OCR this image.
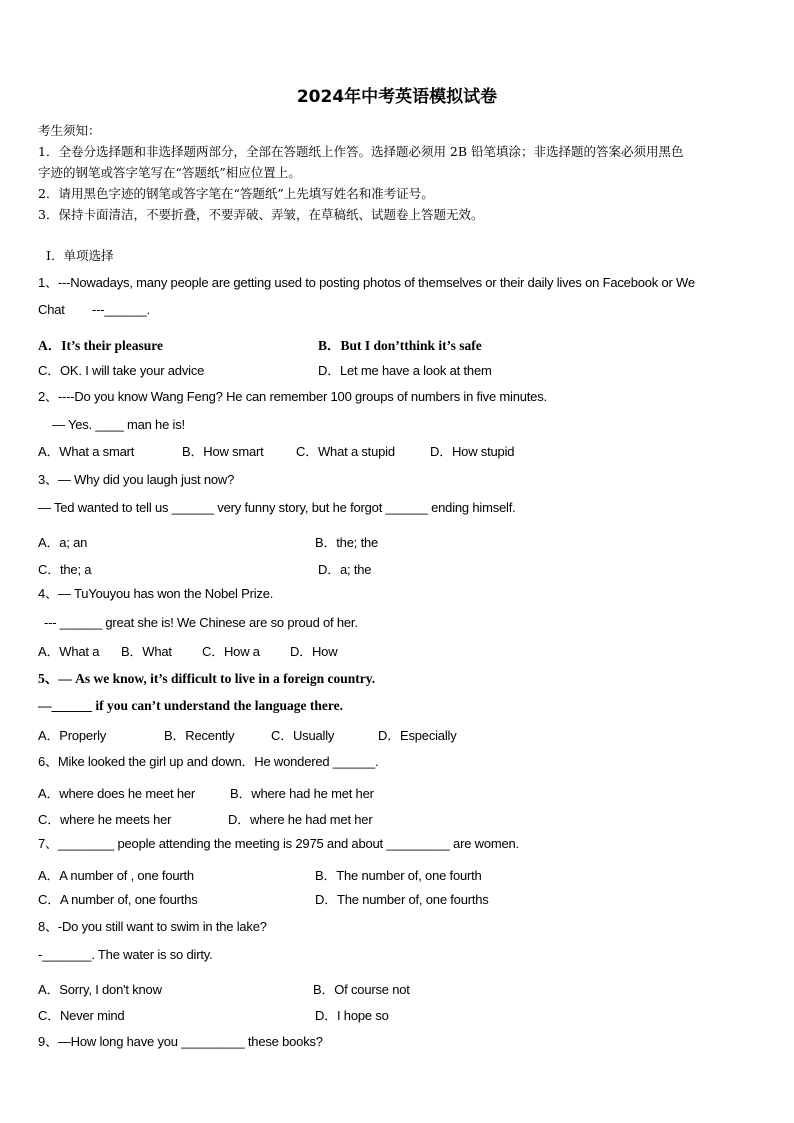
2024年中考英语模拟试卷
考生须知：
1．全卷分选择题和非选择题两部分，全部在答题纸上作答。选择题必须用 2B 铅笔填涂；非选择题的答案必须用黑色
字迹的钢笔或答字笔写在“答题纸”相应位置上。
2．请用黑色字迹的钢笔或答字笔在“答题纸”上先填写姓名和准考证号。
3．保持卡面清洁，不要折叠，不要弄破、弄皱，在草稿纸、试题卷上答题无效。
Ⅰ．单项选择
1、---Nowadays, many people are getting used to posting photos of themselves or their daily lives on Facebook or We
Chat        ---______.
A．It’s their pleasure	B．But I don’tthink it’s safe
C．OK. I will take your advice	D．Let me have a look at them
2、----Do you know Wang Feng? He can remember 100 groups of numbers in five minutes.
— Yes. ____ man he is!
A．What a smart	B．How smart C．What a stupid	D．How stupid
3、— Why did you laugh just now?
— Ted wanted to tell us ______ very funny story, but he forgot ______ ending himself.
A．a; an	B．the; the
C．the; a	D．a; the
4、— TuYouyou has won the Nobel Prize.
--- ______ great she is! We Chinese are so proud of her.
A．What a B．What C．How a D．How
5、— As we know, it’s difficult to live in a foreign country.
—______ if you can’t understand the language there.
A．Properly	B．Recently	C．Usually	D．Especially
6、Mike looked the girl up and down．He wondered ______.
A．where does he meet her	B．where had he met her
C．where he meets her	D．where he had met her
7、________ people attending the meeting is 2975 and about _________ are women.
A．A number of , one fourth	B．The number of, one fourth
C．A number of, one fourths	D．The number of, one fourths
8、-Do you still want to swim in the lake?
-_______. The water is so dirty.
A．Sorry, I don't know	B．Of course not
C．Never mind	D．I hope so
9、—How long have you _________ these books?
